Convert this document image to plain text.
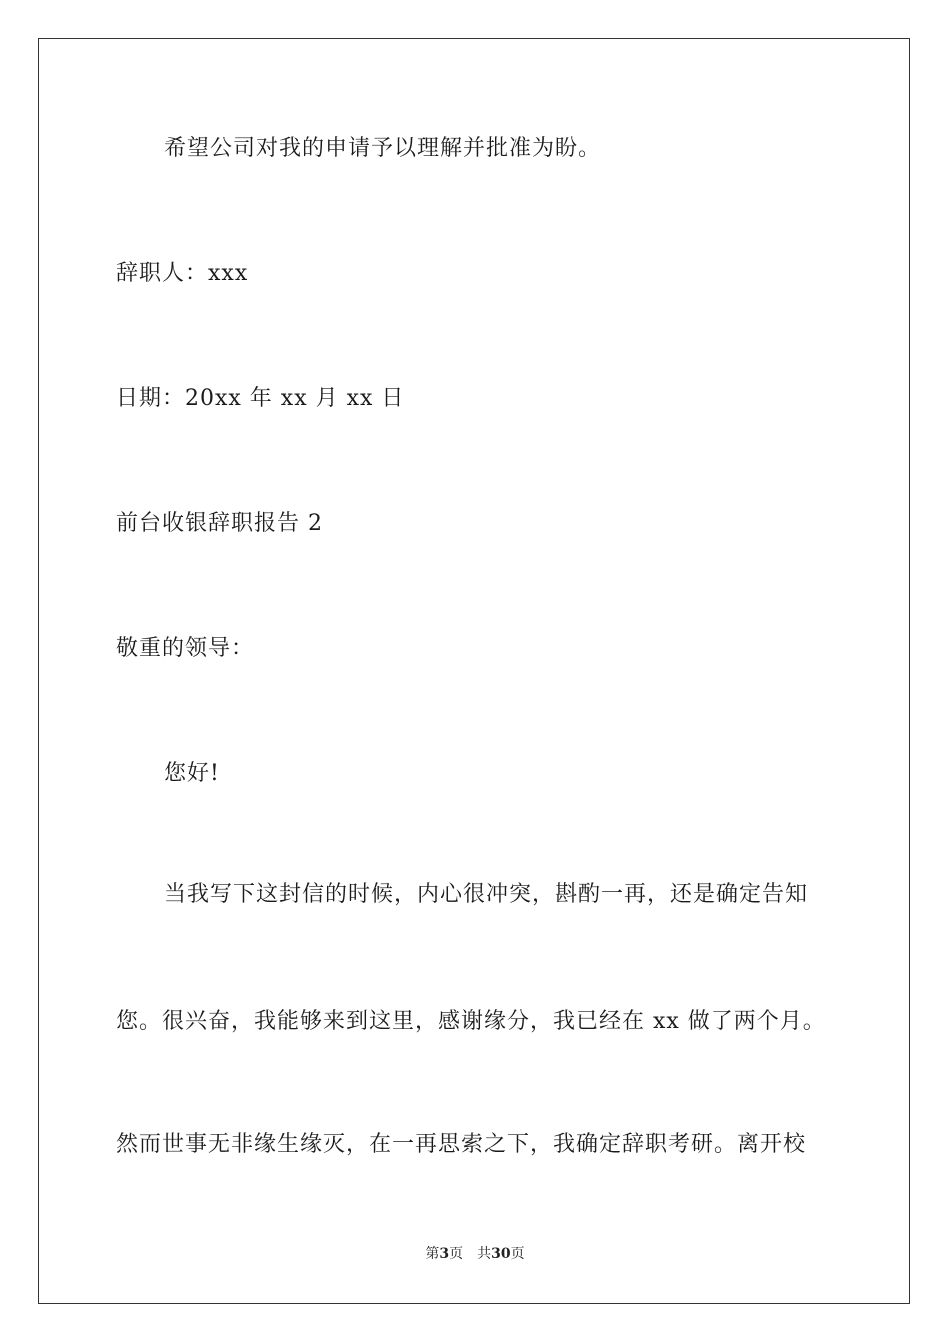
希望公司对我的申请予以理解并批准为盼。
辞职人：xxx
日期：20xx 年 xx 月 xx 日
前台收银辞职报告 2
敬重的领导：
您好!
当我写下这封信的时候，内心很冲突，斟酌一再，还是确定告知
您。很兴奋，我能够来到这里，感谢缘分，我已经在 xx 做了两个月。
然而世事无非缘生缘灭，在一再思索之下，我确定辞职考研。离开校
第3页 共30页
